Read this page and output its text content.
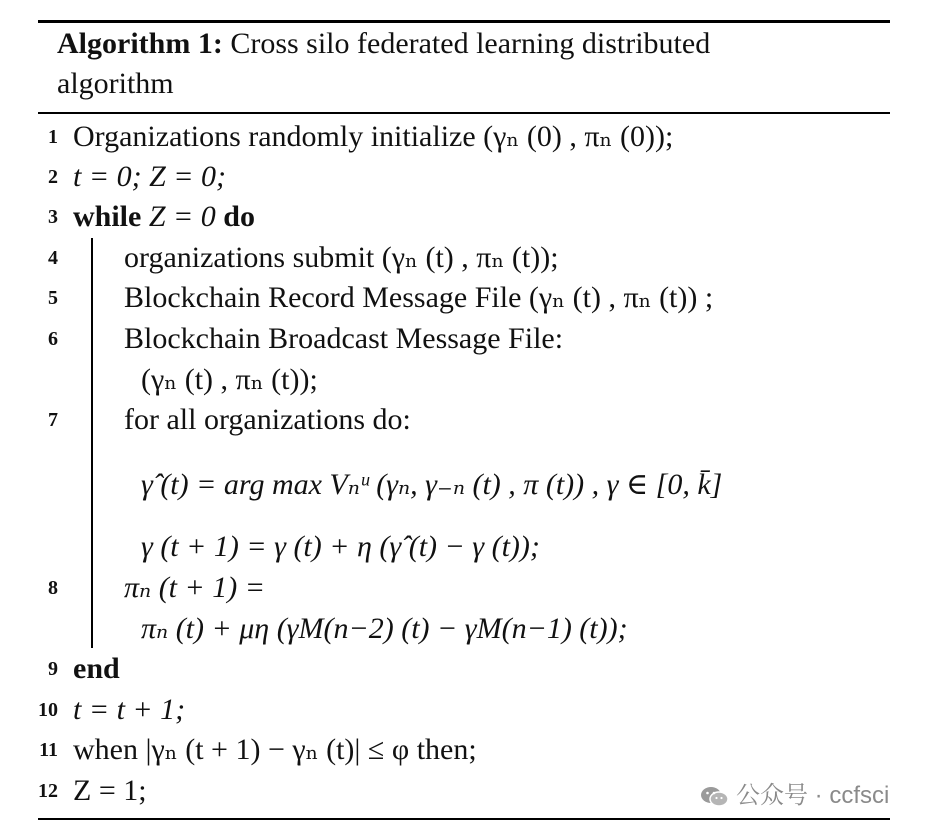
Algorithm 1: Cross silo federated learning distributed
algorithm
1 Organizations randomly initialize (γₙ (0) , πₙ (0));
2 t = 0; Z = 0;
3 while Z = 0 do
4 organizations submit (γₙ (t) , πₙ (t));
5 Blockchain Record Message File (γₙ (t) , πₙ (t)) ;
6 Blockchain Broadcast Message File:
(γₙ (t) , πₙ (t));
7 for all organizations do:
γ̂ (t) = arg max Vₙᵘ (γₙ, γ₋ₙ (t) , π (t)) , γ ∈ [0, k̄]
γ (t + 1) = γ (t) + η (γ̂ (t) − γ (t));
8 πₙ (t + 1) =
πₙ (t) + μη (γM(n−2) (t) − γM(n−1) (t));
9 end
10 t = t + 1;
11 when |γₙ (t + 1) − γₙ (t)| ≤ φ then;
12 Z = 1;	公众号 · ccfsci
